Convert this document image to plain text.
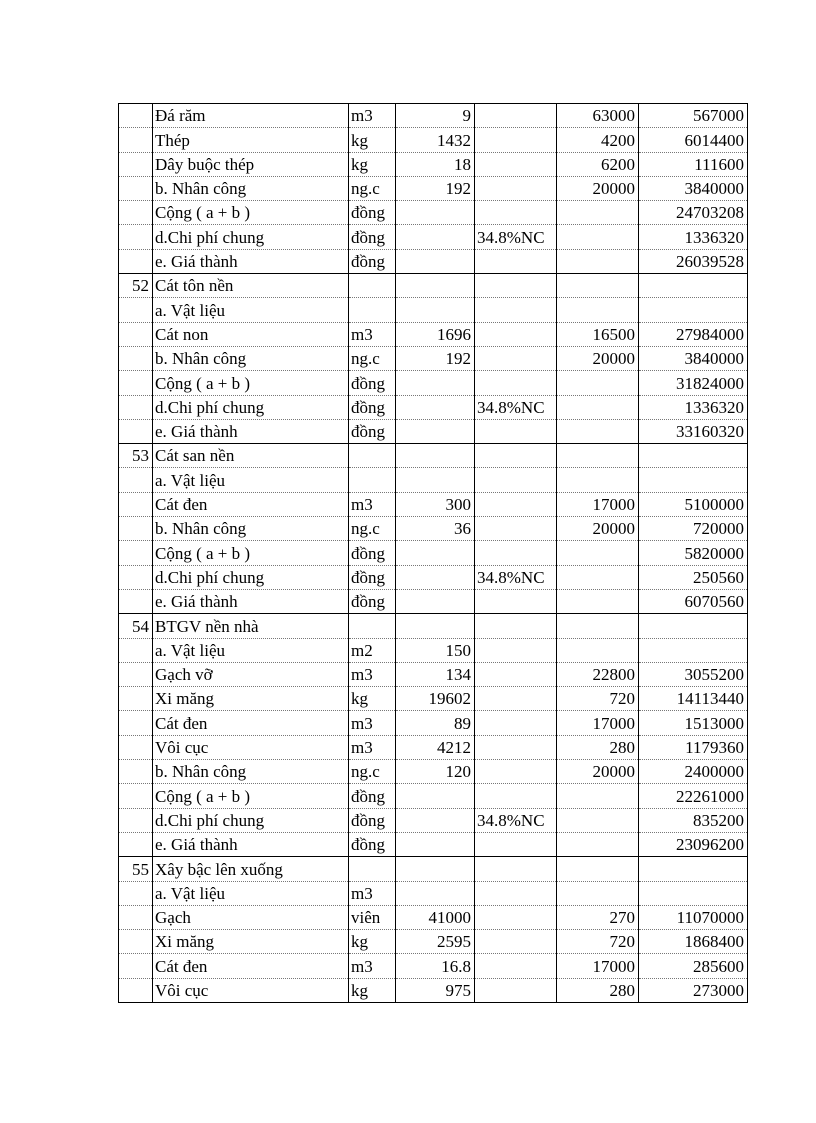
	Đá răm	m3	9		63000	567000
	Thép	kg	1432		4200	6014400
	Dây buộc thép	kg	18		6200	111600
	b. Nhân công	ng.c	192		20000	3840000
	Cộng ( a + b )	đồng				24703208
	d.Chi phí chung	đồng		34.8%NC		1336320
	e. Giá thành	đồng				26039528
52	Cát tôn nền					
	a. Vật liệu					
	Cát non	m3	1696		16500	27984000
	b. Nhân công	ng.c	192		20000	3840000
	Cộng ( a + b )	đồng				31824000
	d.Chi phí chung	đồng		34.8%NC		1336320
	e. Giá thành	đồng				33160320
53	Cát san nền					
	a. Vật liệu					
	Cát đen	m3	300		17000	5100000
	b. Nhân công	ng.c	36		20000	720000
	Cộng ( a + b )	đồng				5820000
	d.Chi phí chung	đồng		34.8%NC		250560
	e. Giá thành	đồng				6070560
54	BTGV nền nhà					
	a. Vật liệu	m2	150			
	Gạch vỡ	m3	134		22800	3055200
	Xi măng	kg	19602		720	14113440
	Cát đen	m3	89		17000	1513000
	Vôi cục	m3	4212		280	1179360
	b. Nhân công	ng.c	120		20000	2400000
	Cộng ( a + b )	đồng				22261000
	d.Chi phí chung	đồng		34.8%NC		835200
	e. Giá thành	đồng				23096200
55	Xây bậc lên xuống					
	a. Vật liệu	m3				
	Gạch	viên	41000		270	11070000
	Xi măng	kg	2595		720	1868400
	Cát đen	m3	16.8		17000	285600
	Vôi cục	kg	975		280	273000
